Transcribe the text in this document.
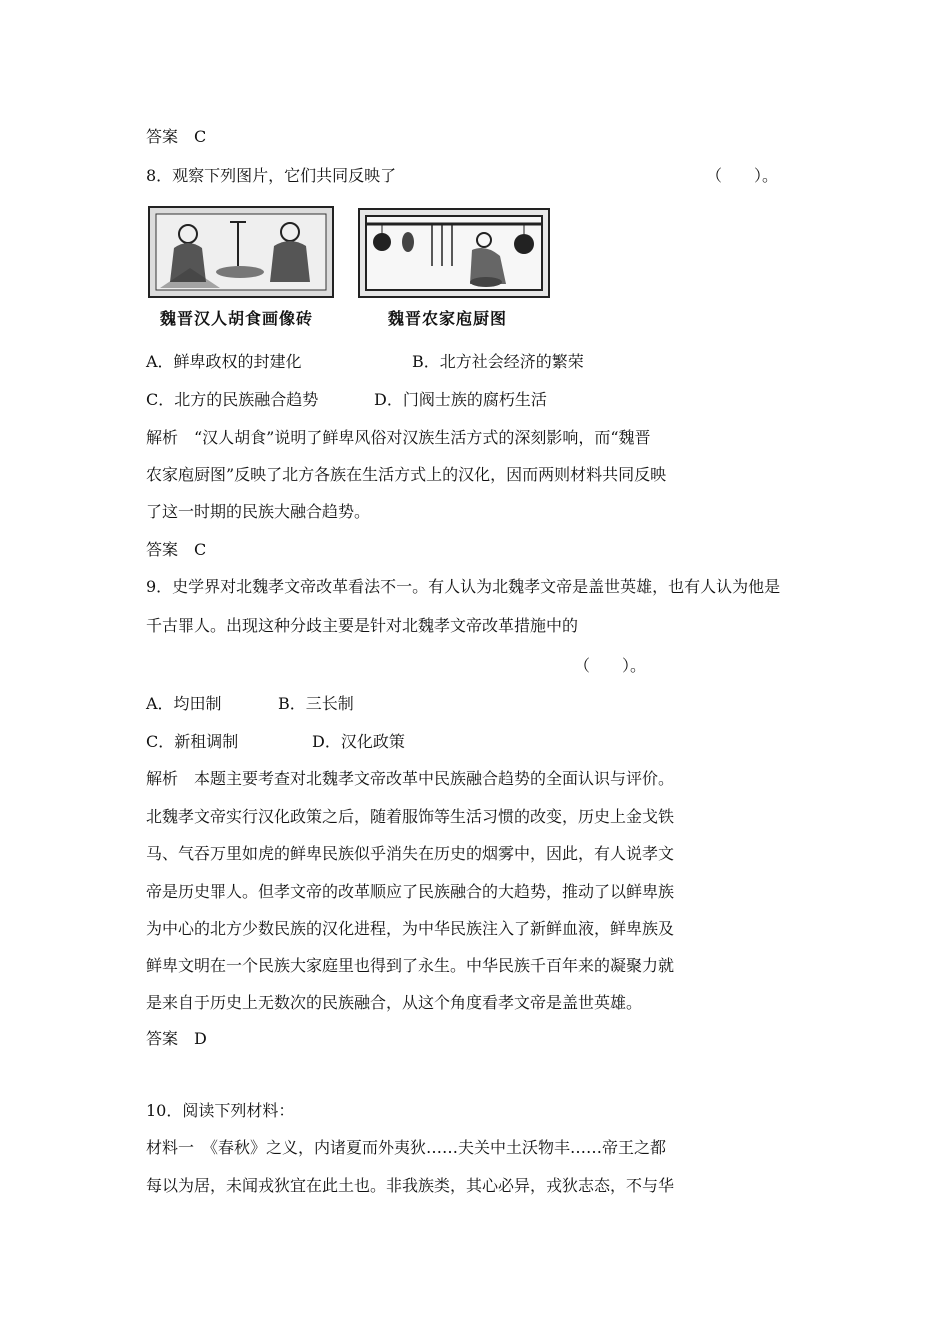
答案　C
8．观察下列图片，它们共同反映了	（　　）。
魏晋汉人胡食画像砖	魏晋农家庖厨图
A．鲜卑政权的封建化	B．北方社会经济的繁荣
C．北方的民族融合趋势	D．门阀士族的腐朽生活
解析　“汉人胡食”说明了鲜卑风俗对汉族生活方式的深刻影响，而“魏晋
农家庖厨图”反映了北方各族在生活方式上的汉化，因而两则材料共同反映
了这一时期的民族大融合趋势。
答案　C
9．史学界对北魏孝文帝改革看法不一。有人认为北魏孝文帝是盖世英雄，也有人认为他是
千古罪人。出现这种分歧主要是针对北魏孝文帝改革措施中的
（　　）。
A．均田制	B．三长制
C．新租调制	D．汉化政策
解析　本题主要考查对北魏孝文帝改革中民族融合趋势的全面认识与评价。
北魏孝文帝实行汉化政策之后，随着服饰等生活习惯的改变，历史上金戈铁
马、气吞万里如虎的鲜卑民族似乎消失在历史的烟雾中，因此，有人说孝文
帝是历史罪人。但孝文帝的改革顺应了民族融合的大趋势，推动了以鲜卑族
为中心的北方少数民族的汉化进程，为中华民族注入了新鲜血液，鲜卑族及
鲜卑文明在一个民族大家庭里也得到了永生。中华民族千百年来的凝聚力就
是来自于历史上无数次的民族融合，从这个角度看孝文帝是盖世英雄。
答案　D
10．阅读下列材料：
材料一　《春秋》之义，内诸夏而外夷狄……夫关中土沃物丰……帝王之都
每以为居，未闻戎狄宜在此土也。非我族类，其心必异，戎狄志态，不与华
